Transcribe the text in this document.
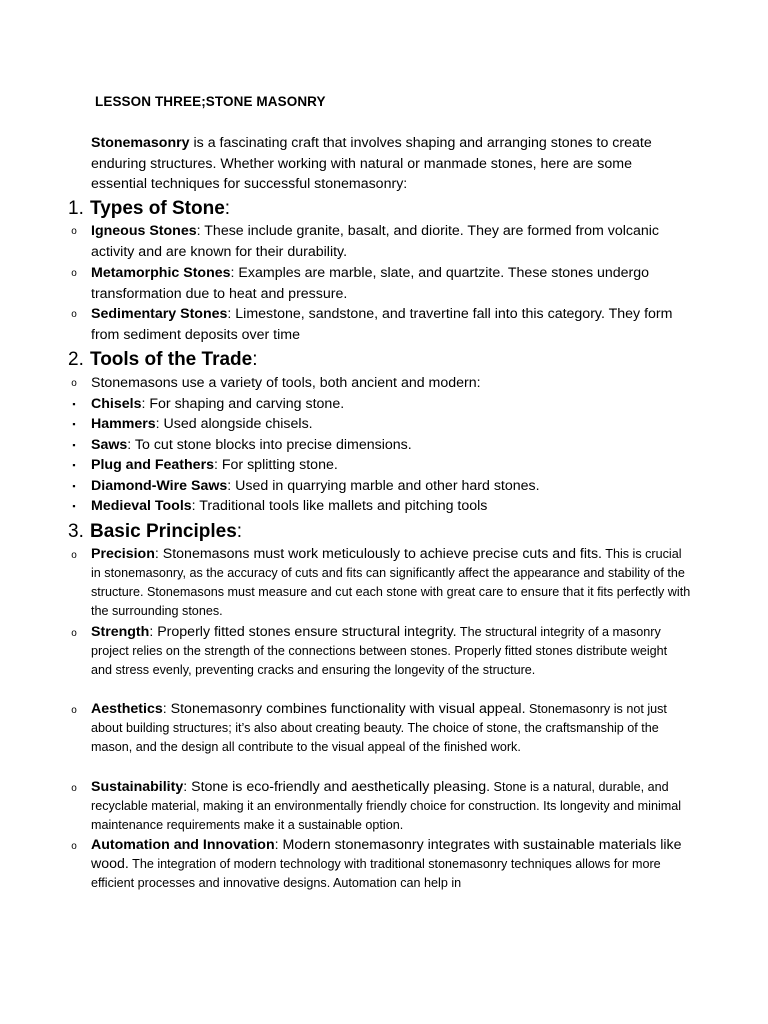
LESSON THREE;STONE MASONRY
Stonemasonry is a fascinating craft that involves shaping and arranging stones to create enduring structures. Whether working with natural or manmade stones, here are some essential techniques for successful stonemasonry:
1. Types of Stone:
o Igneous Stones: These include granite, basalt, and diorite. They are formed from volcanic activity and are known for their durability.
o Metamorphic Stones: Examples are marble, slate, and quartzite. These stones undergo transformation due to heat and pressure.
o Sedimentary Stones: Limestone, sandstone, and travertine fall into this category. They form from sediment deposits over time
2. Tools of the Trade:
o Stonemasons use a variety of tools, both ancient and modern:
▪	Chisels: For shaping and carving stone.
▪	Hammers: Used alongside chisels.
▪	Saws: To cut stone blocks into precise dimensions.
▪	Plug and Feathers: For splitting stone.
▪	Diamond-Wire Saws: Used in quarrying marble and other hard stones.
▪	Medieval Tools: Traditional tools like mallets and pitching tools
3. Basic Principles:
o Precision: Stonemasons must work meticulously to achieve precise cuts and fits. This is crucial in stonemasonry, as the accuracy of cuts and fits can significantly affect the appearance and stability of the structure. Stonemasons must measure and cut each stone with great care to ensure that it fits perfectly with the surrounding stones.
o Strength: Properly fitted stones ensure structural integrity. The structural integrity of a masonry project relies on the strength of the connections between stones. Properly fitted stones distribute weight and stress evenly, preventing cracks and ensuring the longevity of the structure.
o Aesthetics: Stonemasonry combines functionality with visual appeal. Stonemasonry is not just about building structures; it’s also about creating beauty. The choice of stone, the craftsmanship of the mason, and the design all contribute to the visual appeal of the finished work.
o Sustainability: Stone is eco-friendly and aesthetically pleasing. Stone is a natural, durable, and recyclable material, making it an environmentally friendly choice for construction. Its longevity and minimal maintenance requirements make it a sustainable option.
o Automation and Innovation: Modern stonemasonry integrates with sustainable materials like wood. The integration of modern technology with traditional stonemasonry techniques allows for more efficient processes and innovative designs. Automation can help in
